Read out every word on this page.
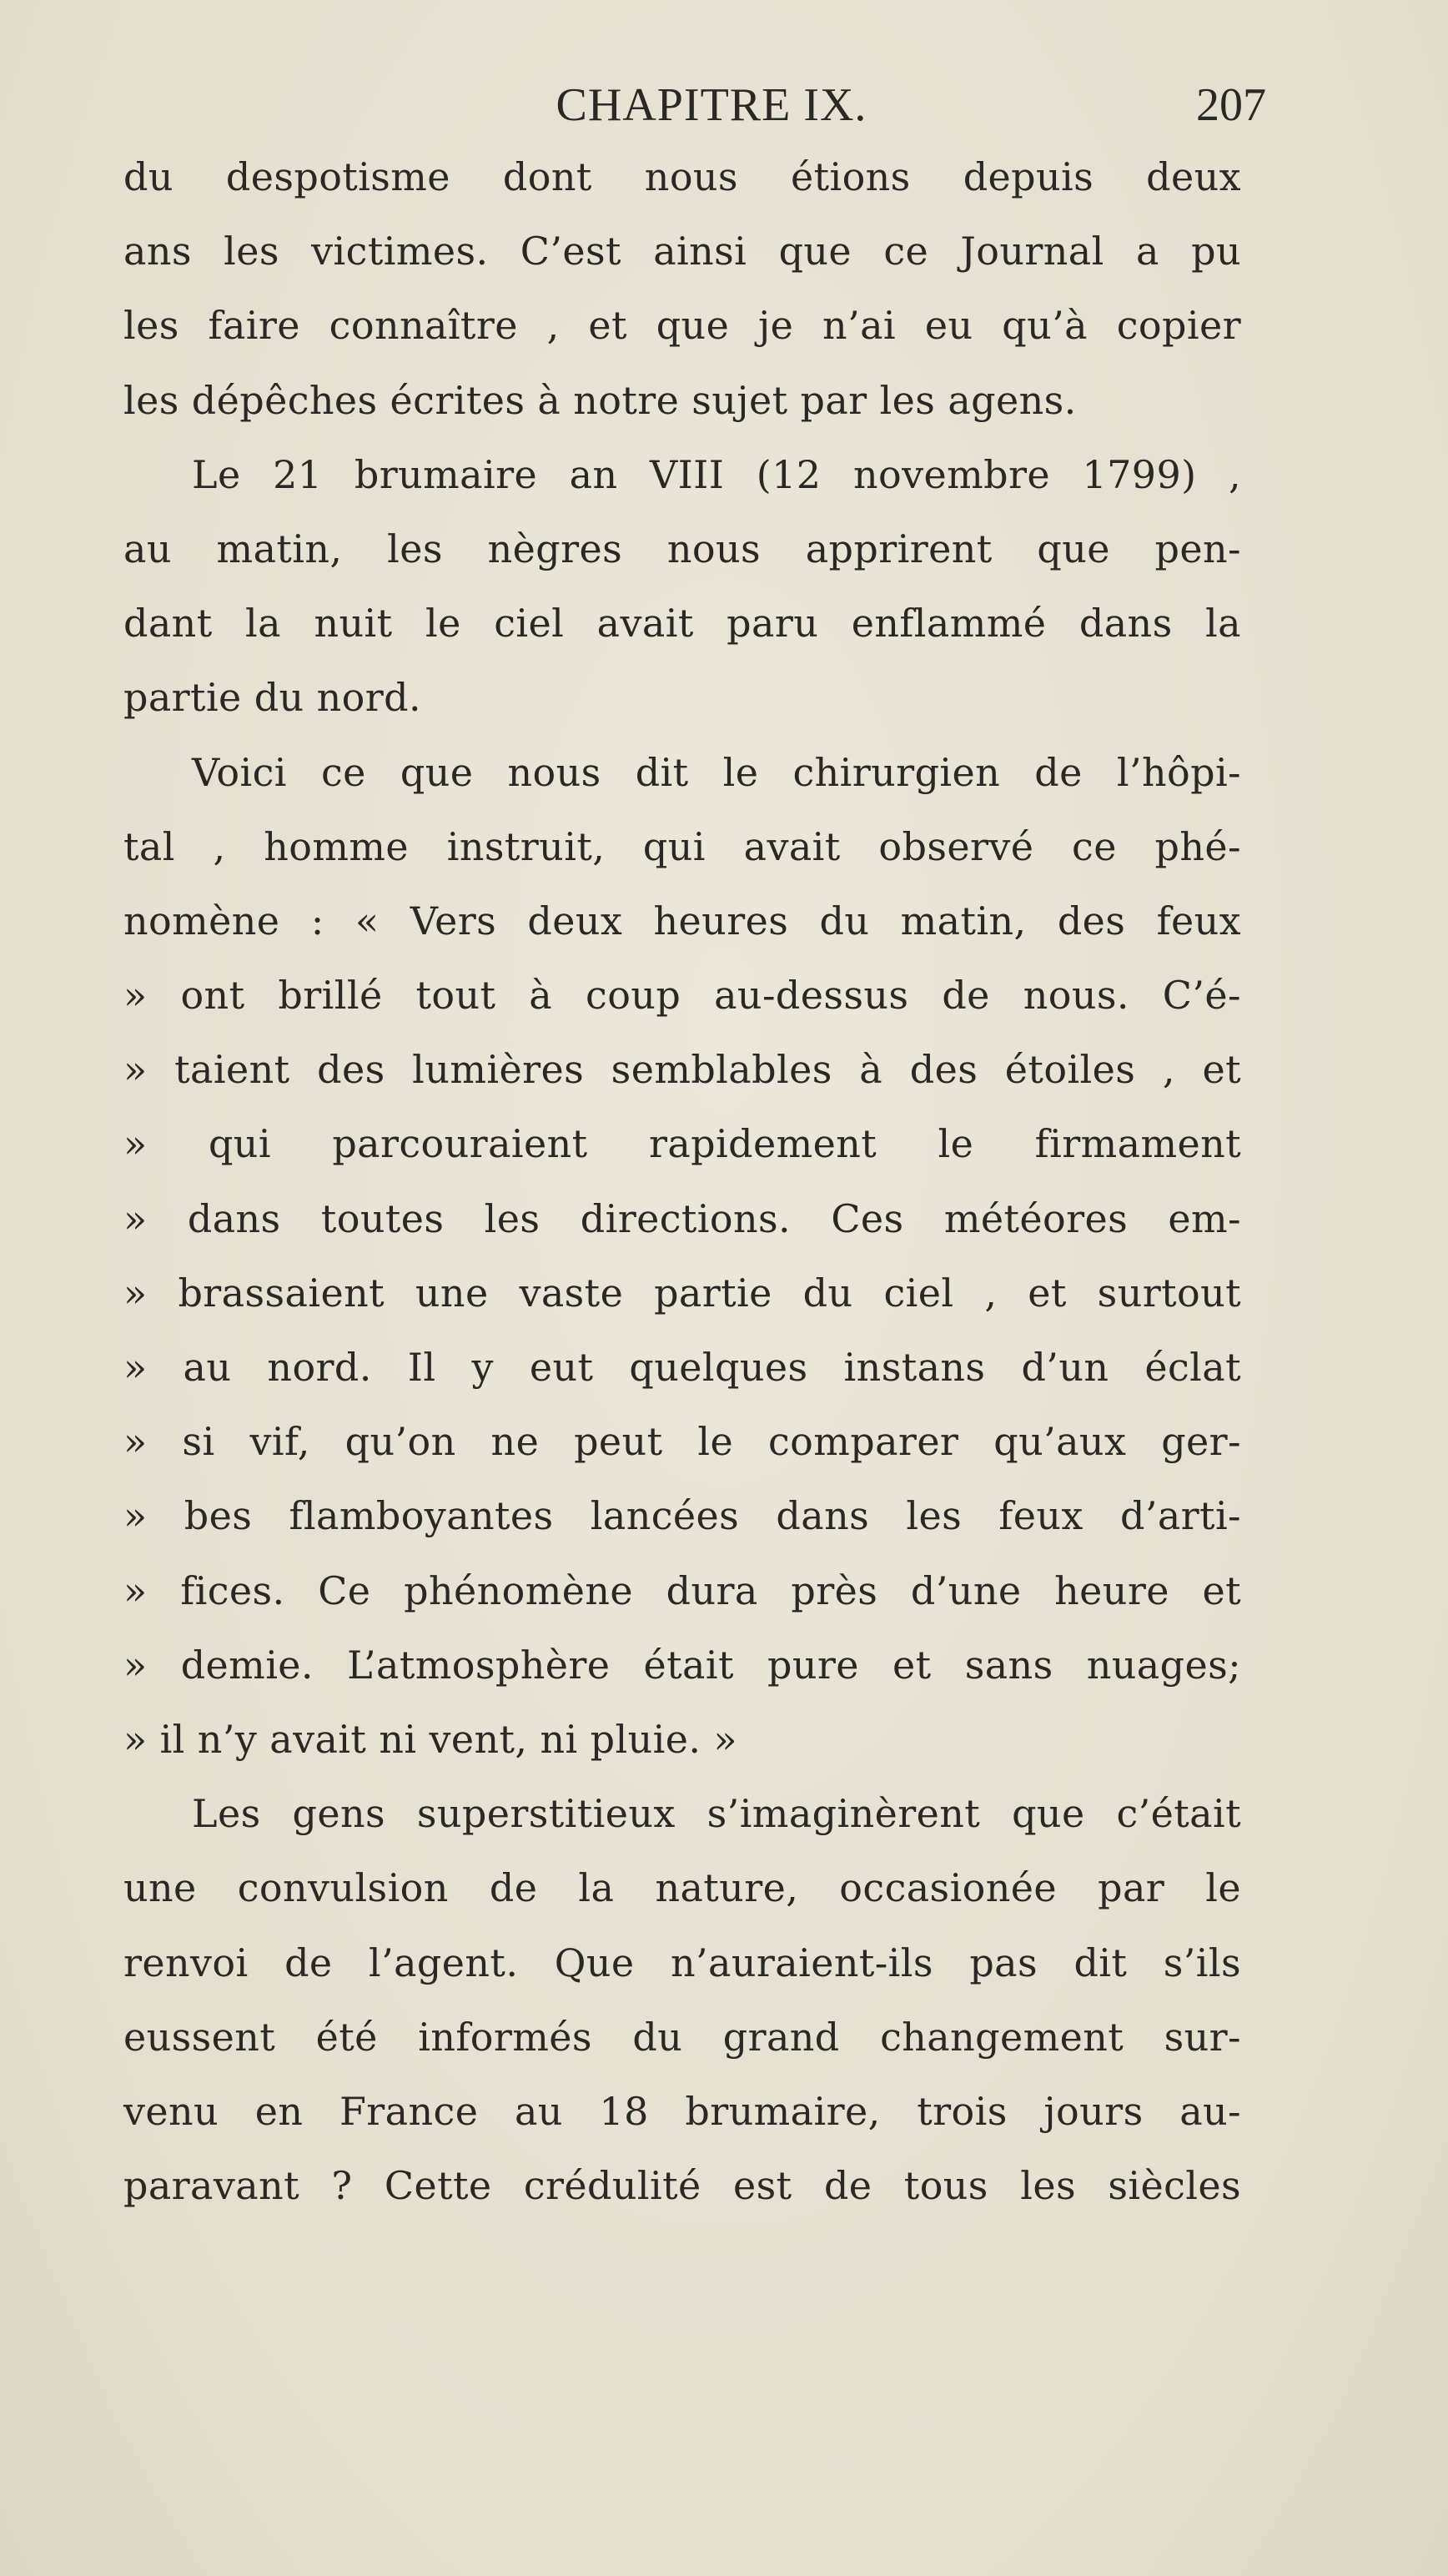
CHAPITRE IX.	207
du despotisme dont nous étions depuis deux
ans les victimes. C’est ainsi que ce Journal a pu
les faire connaître , et que je n’ai eu qu’à copier
les dépêches écrites à notre sujet par les agens.
Le 21 brumaire an VIII (12 novembre 1799) ,
au matin, les nègres nous apprirent que pen-
dant la nuit le ciel avait paru enflammé dans la
partie du nord.
Voici ce que nous dit le chirurgien de l’hôpi-
tal , homme instruit, qui avait observé ce phé-
nomène : « Vers deux heures du matin, des feux
» ont brillé tout à coup au-dessus de nous. C’é-
» taient des lumières semblables à des étoiles , et
» qui parcouraient rapidement le firmament
» dans toutes les directions. Ces météores em-
» brassaient une vaste partie du ciel , et surtout
» au nord. Il y eut quelques instans d’un éclat
» si vif, qu’on ne peut le comparer qu’aux ger-
» bes flamboyantes lancées dans les feux d’arti-
» fices. Ce phénomène dura près d’une heure et
» demie. L’atmosphère était pure et sans nuages;
» il n’y avait ni vent, ni pluie. »
Les gens superstitieux s’imaginèrent que c’était
une convulsion de la nature, occasionée par le
renvoi de l’agent. Que n’auraient-ils pas dit s’ils
eussent été informés du grand changement sur-
venu en France au 18 brumaire, trois jours au-
paravant ? Cette crédulité est de tous les siècles
